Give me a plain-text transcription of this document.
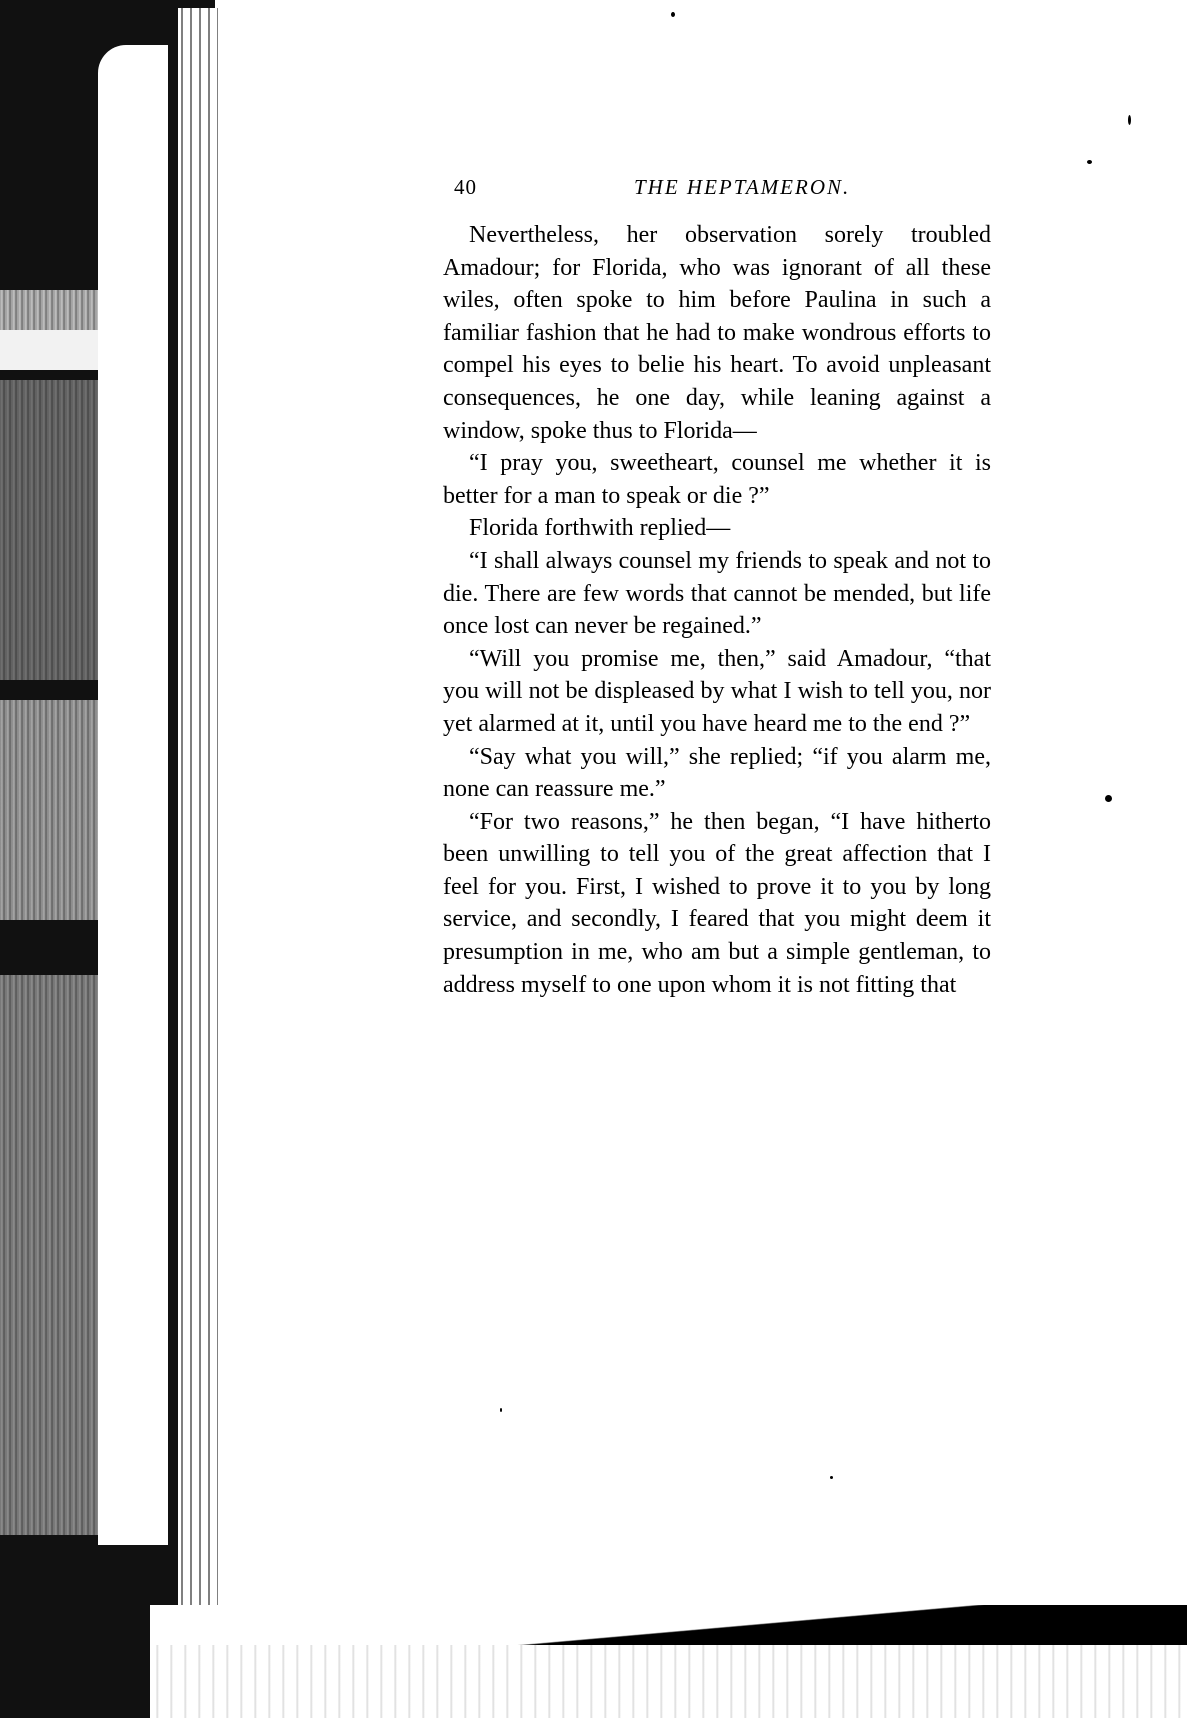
40	THE HEPTAMERON.

Nevertheless, her observation sorely troubled Amadour; for Florida, who was ignorant of all these wiles, often spoke to him before Paulina in such a familiar fashion that he had to make wondrous efforts to compel his eyes to belie his heart. To avoid unpleasant consequences, he one day, while leaning against a window, spoke thus to Florida—

“I pray you, sweetheart, counsel me whether it is better for a man to speak or die ?”

Florida forthwith replied—

“I shall always counsel my friends to speak and not to die. There are few words that cannot be mended, but life once lost can never be regained.”

“Will you promise me, then,” said Amadour, “that you will not be displeased by what I wish to tell you, nor yet alarmed at it, until you have heard me to the end ?”

“Say what you will,” she replied; “if you alarm me, none can reassure me.”

“For two reasons,” he then began, “I have hitherto been unwilling to tell you of the great affection that I feel for you. First, I wished to prove it to you by long service, and secondly, I feared that you might deem it presumption in me, who am but a simple gentleman, to address myself to one upon whom it is not fitting that
